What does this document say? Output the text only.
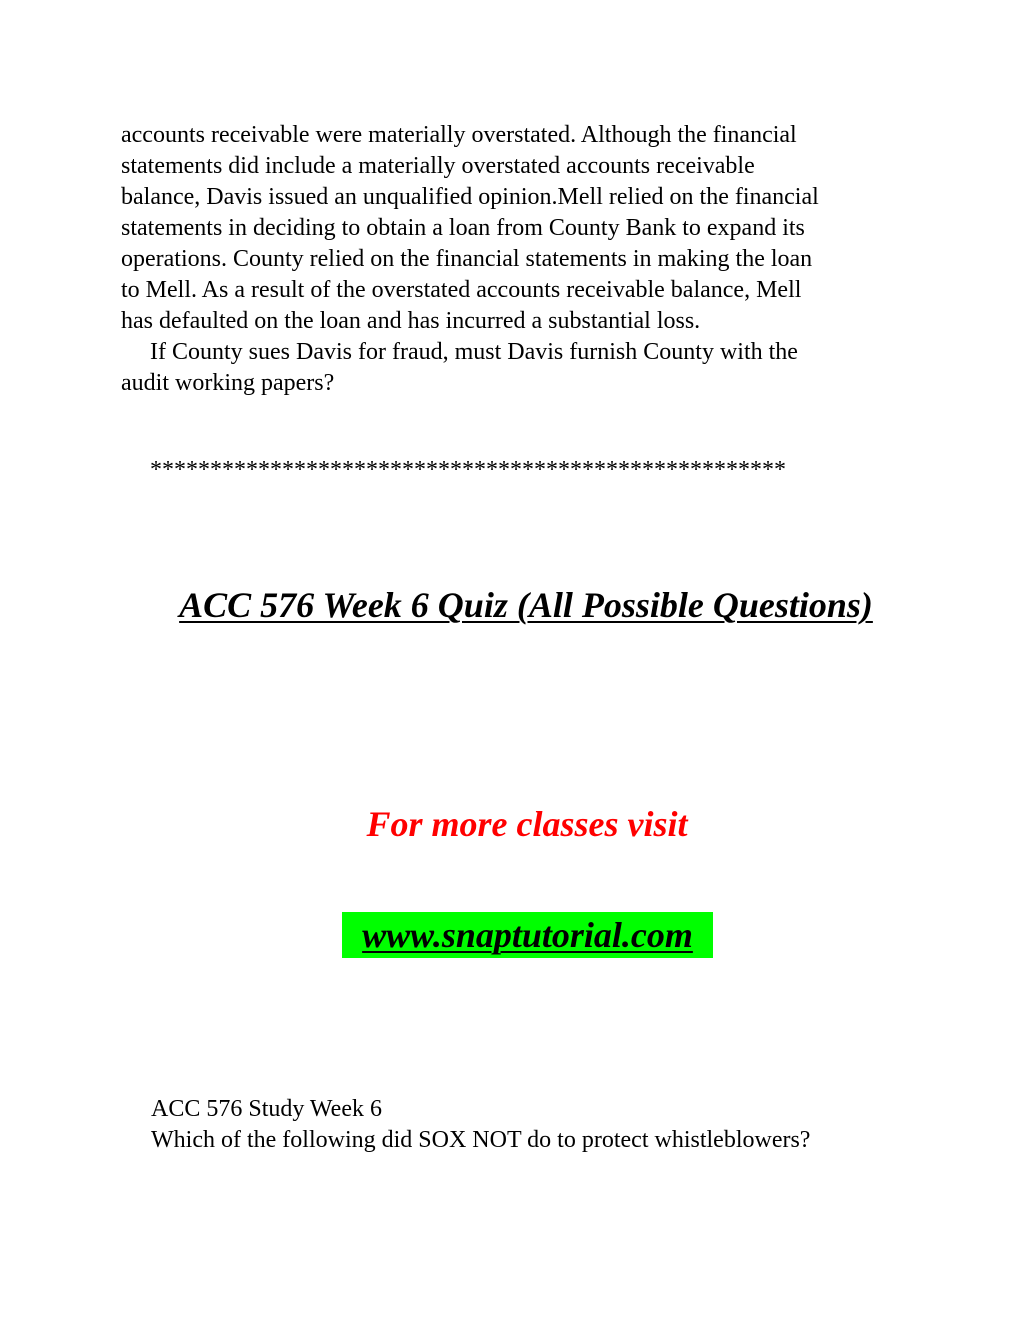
accounts receivable were materially overstated. Although the financial
statements did include a materially overstated accounts receivable
balance, Davis issued an unqualified opinion.Mell relied on the financial
statements in deciding to obtain a loan from County Bank to expand its
operations. County relied on the financial statements in making the loan
to Mell. As a result of the overstated accounts receivable balance, Mell
has defaulted on the loan and has incurred a substantial loss.
If County sues Davis for fraud, must Davis furnish County with the
audit working papers?
*****************************************************
ACC 576 Week 6 Quiz (All Possible Questions)
For more classes visit
www.snaptutorial.com
ACC 576 Study Week 6
Which of the following did SOX NOT do to protect whistleblowers?
